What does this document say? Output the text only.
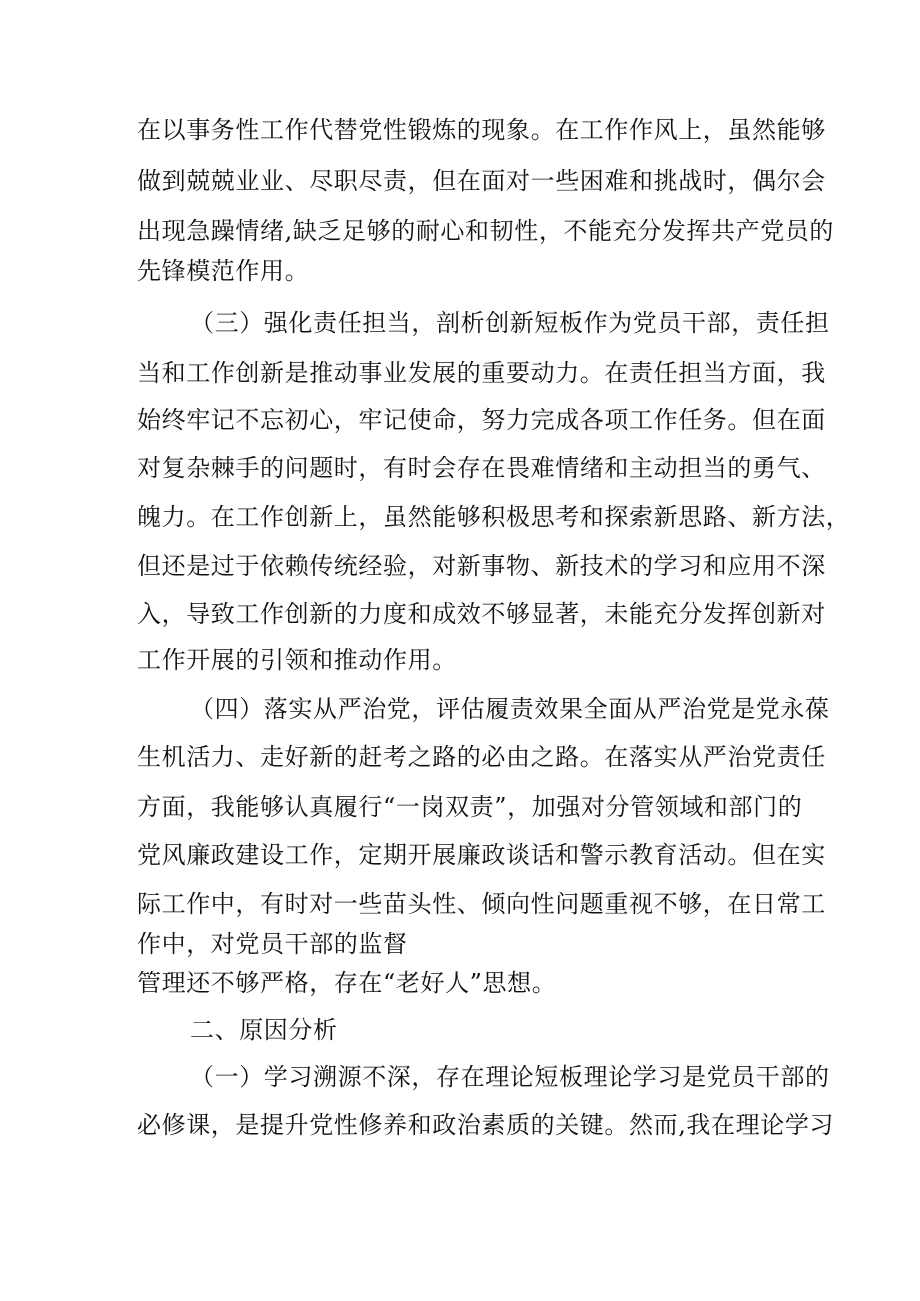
在以事务性工作代替党性锻炼的现象。在工作作风上，虽然能够
做到兢兢业业、尽职尽责，但在面对一些困难和挑战时，偶尔会
出现急躁情绪,缺乏足够的耐心和韧性，不能充分发挥共产党员的
先锋模范作用。
（三）强化责任担当，剖析创新短板作为党员干部，责任担
当和工作创新是推动事业发展的重要动力。在责任担当方面，我
始终牢记不忘初心，牢记使命，努力完成各项工作任务。但在面
对复杂棘手的问题时，有时会存在畏难情绪和主动担当的勇气、
魄力。在工作创新上，虽然能够积极思考和探索新思路、新方法，
但还是过于依赖传统经验，对新事物、新技术的学习和应用不深
入，导致工作创新的力度和成效不够显著，未能充分发挥创新对
工作开展的引领和推动作用。
（四）落实从严治党，评估履责效果全面从严治党是党永葆
生机活力、走好新的赶考之路的必由之路。在落实从严治党责任
方面，我能够认真履行“一岗双责”，加强对分管领域和部门的
党风廉政建设工作，定期开展廉政谈话和警示教育活动。但在实
际工作中，有时对一些苗头性、倾向性问题重视不够，在日常工
作中，对党员干部的监督
管理还不够严格，存在“老好人”思想。
二、原因分析
（一）学习溯源不深，存在理论短板理论学习是党员干部的
必修课，是提升党性修养和政治素质的关键。然而,我在理论学习
